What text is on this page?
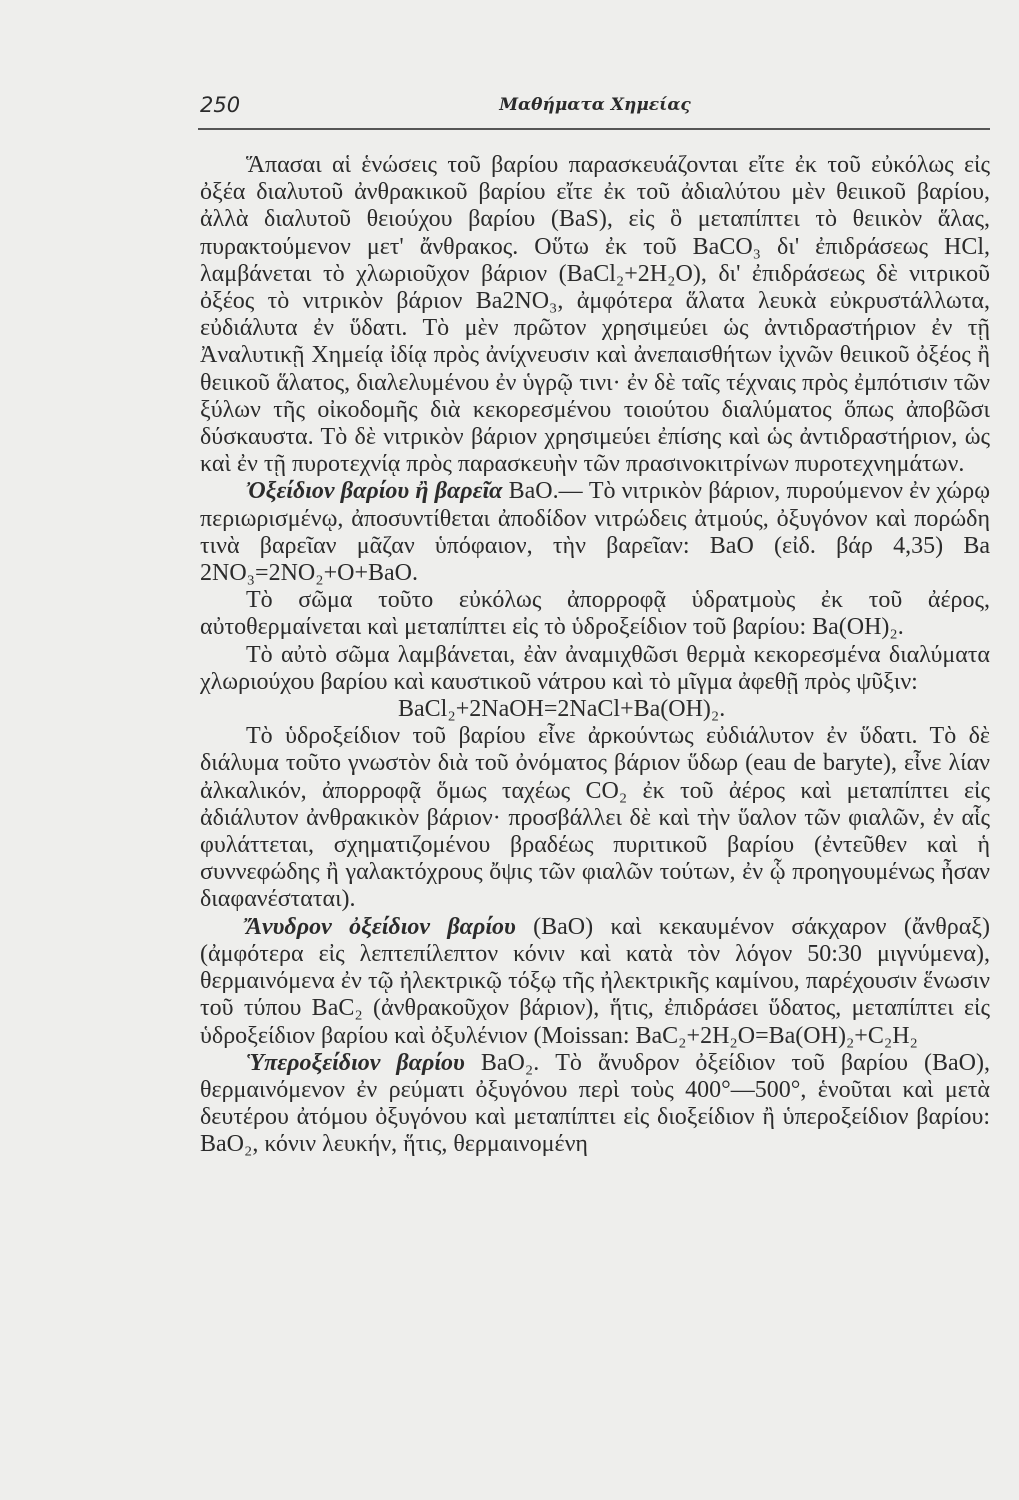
250	Μαθήματα Χημείας

Ἅπασαι αἱ ἑνώσεις τοῦ βαρίου παρασκευάζονται εἴτε ἐκ τοῦ εὐκόλως εἰς ὀξέα διαλυτοῦ ἀνθρακικοῦ βαρίου εἴτε ἐκ τοῦ ἀδιαλύτου μὲν θειικοῦ βαρίου, ἀλλὰ διαλυτοῦ θειούχου βαρίου (BaS), εἰς ὃ μεταπίπτει τὸ θειικὸν ἅλας, πυρακτούμενον μετ' ἄνθρακος. Οὕτω ἐκ τοῦ BaCO₃ δι' ἐπιδράσεως HCl, λαμβάνεται τὸ χλωριοῦχον βάριον (BaCl₂+2H₂O), δι' ἐπιδράσεως δὲ νιτρικοῦ ὀξέος τὸ νιτρικὸν βάριον Ba2NO₃, ἀμφότερα ἅλατα λευκὰ εὐκρυστάλλωτα, εὐδιάλυτα ἐν ὕδατι. Τὸ μὲν πρῶτον χρησιμεύει ὡς ἀντιδραστήριον ἐν τῇ Ἀναλυτικῇ Χημείᾳ ἰδίᾳ πρὸς ἀνίχνευσιν καὶ ἀνεπαισθήτων ἰχνῶν θειικοῦ ὀξέος ἢ θειικοῦ ἅλατος, διαλελυμένου ἐν ὑγρῷ τινι· ἐν δὲ ταῖς τέχναις πρὸς ἐμπότισιν τῶν ξύλων τῆς οἰκοδομῆς διὰ κεκορεσμένου τοιούτου διαλύματος ὅπως ἀποβῶσι δύσκαυστα. Τὸ δὲ νιτρικὸν βάριον χρησιμεύει ἐπίσης καὶ ὡς ἀντιδραστήριον, ὡς καὶ ἐν τῇ πυροτεχνίᾳ πρὸς παρασκευὴν τῶν πρασινοκιτρίνων πυροτεχνημάτων.

Ὀξείδιον βαρίου ἢ βαρεῖα BaO.— Τὸ νιτρικὸν βάριον, πυρούμενον ἐν χώρῳ περιωρισμένῳ, ἀποσυντίθεται ἀποδίδον νιτρώδεις ἀτμούς, ὀξυγόνον καὶ πορώδη τινὰ βαρεῖαν μᾶζαν ὑπόφαιον, τὴν βαρεῖαν: BaO (εἰδ. βάρ 4,35) Ba 2NO₃=2NO₂+O+BaO.

Τὸ σῶμα τοῦτο εὐκόλως ἀπορροφᾷ ὑδρατμοὺς ἐκ τοῦ ἀέρος, αὐτοθερμαίνεται καὶ μεταπίπτει εἰς τὸ ὑδροξείδιον τοῦ βαρίου: Ba(OH)₂.

Τὸ αὐτὸ σῶμα λαμβάνεται, ἐὰν ἀναμιχθῶσι θερμὰ κεκορεσμένα διαλύματα χλωριούχου βαρίου καὶ καυστικοῦ νάτρου καὶ τὸ μῖγμα ἀφεθῇ πρὸς ψῦξιν:

BaCl₂+2NaOH=2NaCl+Ba(OH)₂.

Τὸ ὑδροξείδιον τοῦ βαρίου εἶνε ἀρκούντως εὐδιάλυτον ἐν ὕδατι. Τὸ δὲ διάλυμα τοῦτο γνωστὸν διὰ τοῦ ὀνόματος βάριον ὕδωρ (eau de baryte), εἶνε λίαν ἀλκαλικόν, ἀπορροφᾷ ὅμως ταχέως CO₂ ἐκ τοῦ ἀέρος καὶ μεταπίπτει εἰς ἀδιάλυτον ἀνθρακικὸν βάριον· προσβάλλει δὲ καὶ τὴν ὕαλον τῶν φιαλῶν, ἐν αἷς φυλάττεται, σχηματιζομένου βραδέως πυριτικοῦ βαρίου (ἐντεῦθεν καὶ ἡ συννεφώδης ἢ γαλακτόχρους ὄψις τῶν φιαλῶν τούτων, ἐν ᾧ προηγουμένως ἦσαν διαφανέσταται).

Ἄνυδρον ὀξείδιον βαρίου (BaO) καὶ κεκαυμένον σάκχαρον (ἄνθραξ) (ἀμφότερα εἰς λεπτεπίλεπτον κόνιν καὶ κατὰ τὸν λόγον 50:30 μιγνύμενα), θερμαινόμενα ἐν τῷ ἠλεκτρικῷ τόξῳ τῆς ἠλεκτρικῆς καμίνου, παρέχουσιν ἕνωσιν τοῦ τύπου BaC₂ (ἀνθρακοῦχον βάριον), ἥτις, ἐπιδράσει ὕδατος, μεταπίπτει εἰς ὑδροξείδιον βαρίου καὶ ὀξυλένιον (Moissan: BaC₂+2H₂O=Ba(OH)₂+C₂H₂

Ὑπεροξείδιον βαρίου BaO₂. Τὸ ἄνυδρον ὀξείδιον τοῦ βαρίου (BaO), θερμαινόμενον ἐν ρεύματι ὀξυγόνου περὶ τοὺς 400°—500°, ἑνοῦται καὶ μετὰ δευτέρου ἀτόμου ὀξυγόνου καὶ μεταπίπτει εἰς διοξείδιον ἢ ὑπεροξείδιον βαρίου: BaO₂, κόνιν λευκήν, ἥτις, θερμαινομένη
